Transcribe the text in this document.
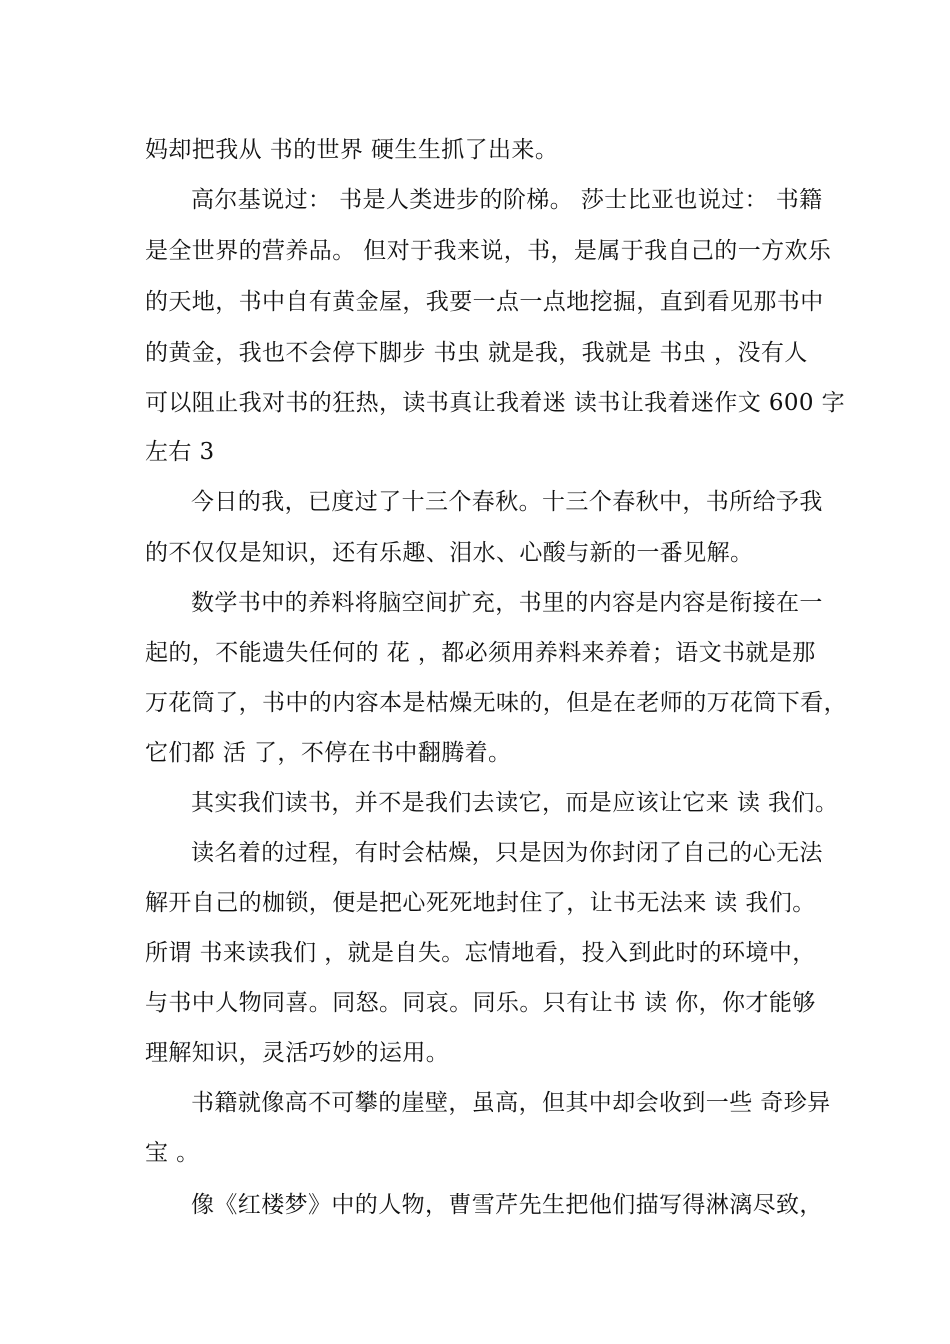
妈却把我从 书的世界 硬生生抓了出来。
高尔基说过： 书是人类进步的阶梯。 莎士比亚也说过： 书籍
是全世界的营养品。 但对于我来说，书，是属于我自己的一方欢乐
的天地，书中自有黄金屋，我要一点一点地挖掘，直到看见那书中
的黄金，我也不会停下脚步 书虫 就是我，我就是 书虫 ，没有人
可以阻止我对书的狂热，读书真让我着迷 读书让我着迷作文 600 字
左右 3
今日的我，已度过了十三个春秋。十三个春秋中，书所给予我
的不仅仅是知识，还有乐趣、泪水、心酸与新的一番见解。
数学书中的养料将脑空间扩充，书里的内容是内容是衔接在一
起的，不能遗失任何的 花 ，都必须用养料来养着；语文书就是那
万花筒了，书中的内容本是枯燥无味的，但是在老师的万花筒下看，
它们都 活 了，不停在书中翻腾着。
其实我们读书，并不是我们去读它，而是应该让它来 读 我们。
读名着的过程，有时会枯燥，只是因为你封闭了自己的心无法
解开自己的枷锁，便是把心死死地封住了，让书无法来 读 我们。
所谓 书来读我们 ，就是自失。忘情地看，投入到此时的环境中，
与书中人物同喜。同怒。同哀。同乐。只有让书 读 你，你才能够
理解知识，灵活巧妙的运用。
书籍就像高不可攀的崖壁，虽高，但其中却会收到一些 奇珍异
宝 。
像《红楼梦》中的人物，曹雪芹先生把他们描写得淋漓尽致，
